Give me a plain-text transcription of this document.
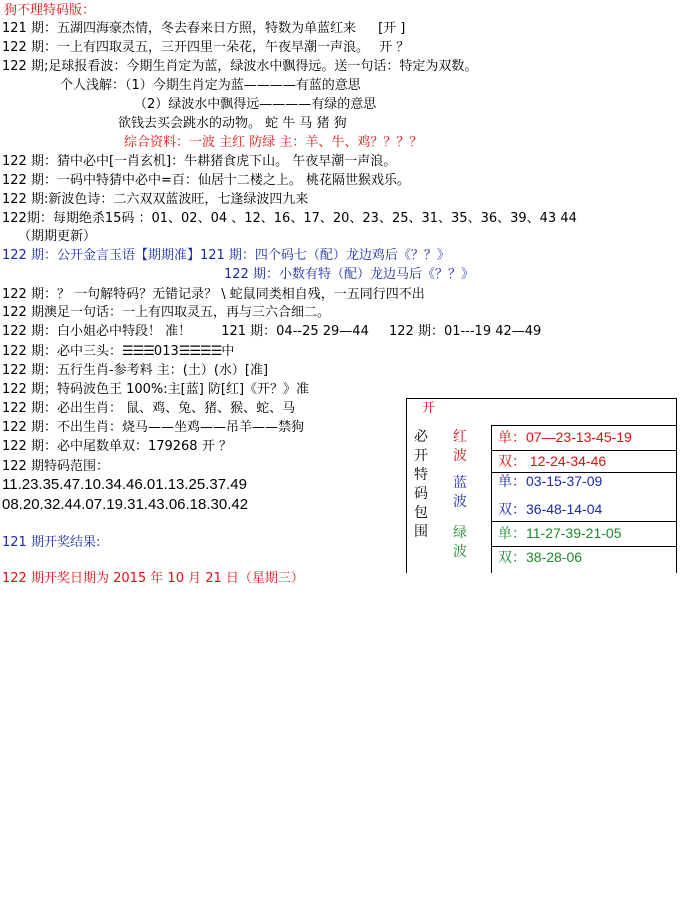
狗不理特码版：
121 期：五湖四海豪杰情，冬去春来日方照，特数为单蓝红来 [开 ]
122 期：一上有四取灵五，三开四里一朵花，午夜早潮一声浪。 开 ？
122 期;足球报看波：今期生肖定为蓝，绿波水中飘得远。送一句话：特定为双数。
个人浅解：（1）今期生肖定为蓝————有蓝的意思
（2）绿波水中飘得远————有绿的意思
欲钱去买会跳水的动物。 蛇 牛 马 猪 狗
综合资料：一波 主红 防绿 主：羊、牛、鸡？？？？
122 期：猜中必中[一肖玄机]：牛耕猪食虎下山。 午夜早潮一声浪。
122 期：一码中特猜中必中=百：仙居十二楼之上。 桃花隔世猴戏乐。
122 期:新波色诗：二六双双蓝波旺，七逢绿波四九来
122期：每期绝杀15码 ：01、02、04 、12、16、17、20、23、25、31、35、36、39、43 44
（期期更新）
122 期：公开金言玉语【期期准】121 期：四个码七（配）龙边鸡后《？？》
122 期：小数有特（配）龙边马后《？？》
122 期：？ 一句解特码？无错记录？ \ 蛇鼠同类相自残，一五同行四不出
122 期澳足一句话：一上有四取灵五，再与三六合细二。
122 期：白小姐必中特段！ 准！ 121 期：04--25 29—44 122 期：01---19 42—49
122 期：必中三头：☰☰☰013☰☰☰☰中
122 期：五行生肖-参考料 主：(土）(水）[准]
122 期；特码波色王 100%:主[蓝] 防[红]《开？》准
122 期：必出生肖： 鼠、鸡、兔、猪、猴、蛇、马
122 期：不出生肖：烧马——坐鸡——吊羊——禁狗
122 期：必中尾数单双：179268 开 ？
122 期特码范围：
11.23.35.47.10.34.46.01.13.25.37.49
08.20.32.44.07.19.31.43.06.18.30.42
121 期开奖结果:
122 期开奖日期为 2015 年 10 月 21 日（星期三）
开
必
开
特
码
包
围
红
波
蓝
波
绿
波
单：07—23-13-45-19
双： 12-24-34-46
单：03-15-37-09
双：36-48-14-04
单：11-27-39-21-05
双：38-28-06
